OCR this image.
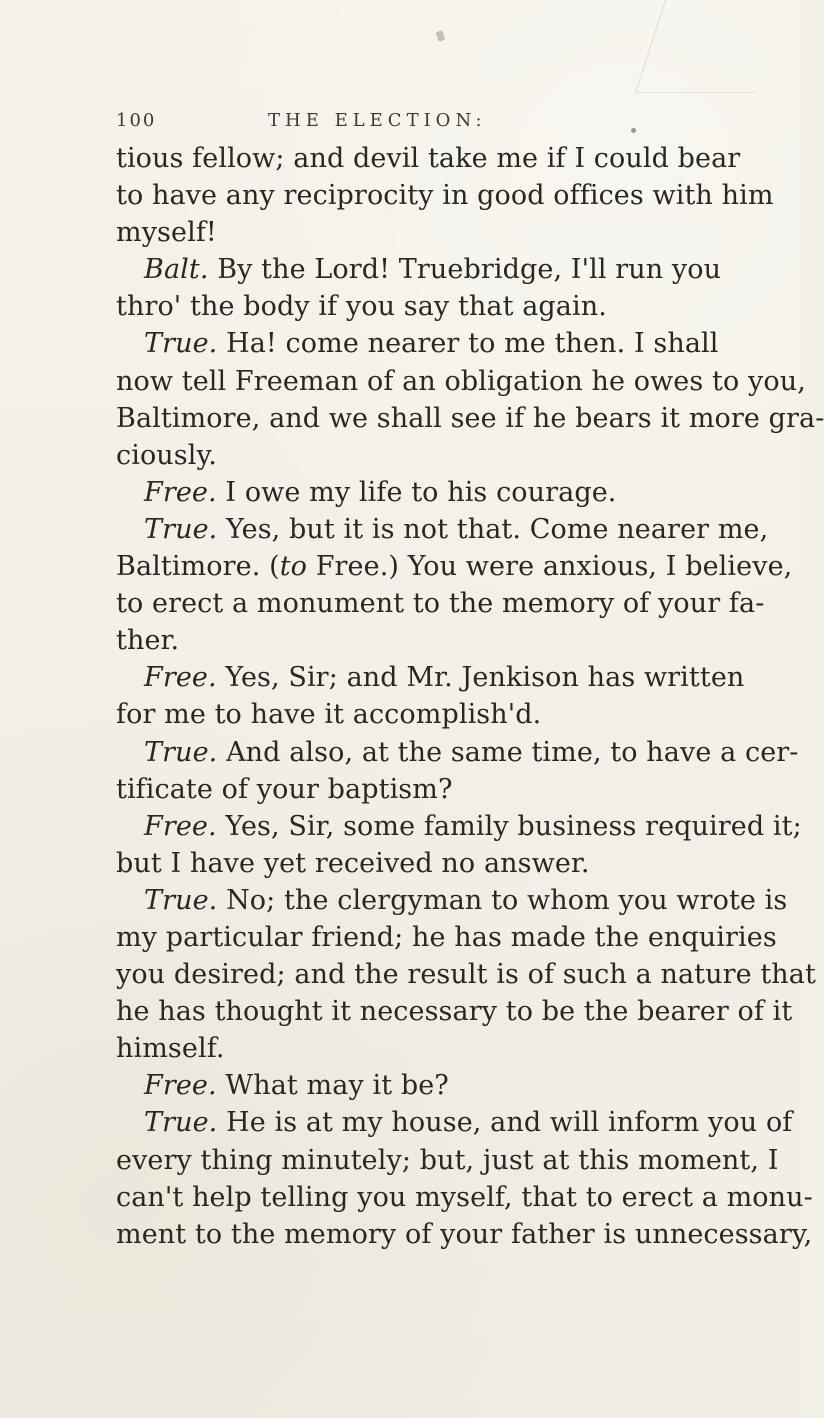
100	THE ELECTION:
tious fellow; and devil take me if I could bear
to have any reciprocity in good offices with him
myself!
Balt. By the Lord! Truebridge, I'll run you
thro' the body if you say that again.
True. Ha! come nearer to me then. I shall
now tell Freeman of an obligation he owes to you,
Baltimore, and we shall see if he bears it more gra-
ciously.
Free. I owe my life to his courage.
True. Yes, but it is not that. Come nearer me,
Baltimore. (to Free.) You were anxious, I believe,
to erect a monument to the memory of your fa-
ther.
Free. Yes, Sir; and Mr. Jenkison has written
for me to have it accomplish'd.
True. And also, at the same time, to have a cer-
tificate of your baptism?
Free. Yes, Sir, some family business required it;
but I have yet received no answer.
True. No; the clergyman to whom you wrote is
my particular friend; he has made the enquiries
you desired; and the result is of such a nature that
he has thought it necessary to be the bearer of it
himself.
Free. What may it be?
True. He is at my house, and will inform you of
every thing minutely; but, just at this moment, I
can't help telling you myself, that to erect a monu-
ment to the memory of your father is unnecessary,
